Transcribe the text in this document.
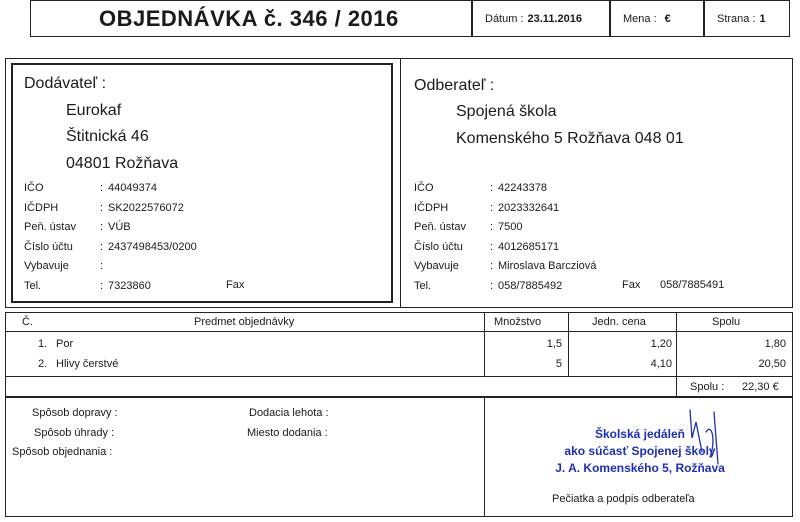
OBJEDNÁVKA č. 346 / 2016	Dátum : 23.11.2016	Mena : €	Strana : 1
Dodávateľ :
Eurokaf
Štitnická 46
04801 Rožňava
IČO	: 44049374
IČDPH	: SK2022576072
Peň. ústav : VÚB
Číslo účtu : 2437498453/0200
Vybavuje	:
Tel.	: 7323860	Fax
Odberateľ :
Spojená škola
Komenského 5 Rožňava 048 01
IČO	: 42243378
IČDPH	: 2023332641
Peň. ústav : 7500
Číslo účtu : 4012685171
Vybavuje	: Miroslava Barcziová
Tel.	: 058/7885492	Fax 058/7885491
Č.	Predmet objednávky	Množstvo	Jedn. cena	Spolu
1. Por	1,5	1,20	1,80
2. Hlivy čerstvé	5	4,10	20,50
Spolu : 22,30 €
Spôsob dopravy :
Spôsob úhrady :
Spôsob objednania :
Dodacia lehota :
Miesto dodania :	Školská jedáleň
ako súčasť Spojenej školy
J. A. Komenského 5, Rožňava
Pečiatka a podpis odberateľa
